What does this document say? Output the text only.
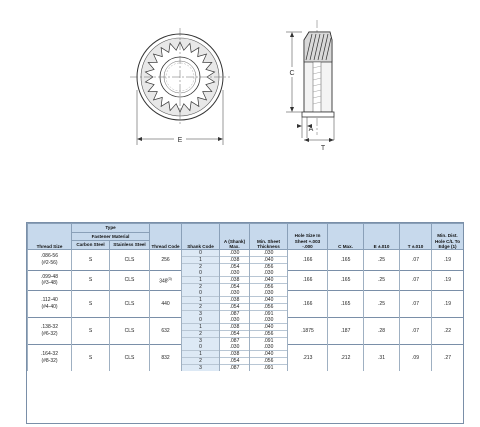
E
C
A
T
Thread Size	Type		Thread Code	Shank Code	A (Shank) Max.	Min. Sheet Thickness	Hole Size In Sheet +.003 -.000	C Max.	E ±.010	T ±.010	Min. Dist. Hole C/L To Edge (1)
	Fastener Material										
	Carbon Steel	Stainless Steel									
.086-56
(#2-56)	S	CLS	256	0	.030	.030	.166	.165	.25	.07	.19
				1	.038	.040					
				2	.054	.056					
.099-48
(#3-48)	S	CLS	348$^{(3)}$	0	.030	.030	.166	.165	.25	.07	.19
				1	.038	.040					
				2	.054	.056					
.112-40
(#4-40)	S	CLS	440	0	.030	.030	.166	.165	.25	.07	.19
				1	.038	.040					
				2	.054	.056					
				3	.087	.091					
.138-32
(#6-32)	S	CLS	632	0	.030	.030	.1875	.187	.28	.07	.22
				1	.038	.040					
				2	.054	.056					
				3	.087	.091					
.164-32
(#8-32)	S	CLS	832	0	.030	.030	.213	.212	.31	.09	.27
				1	.038	.040					
				2	.054	.056					
				3	.087	.091					
